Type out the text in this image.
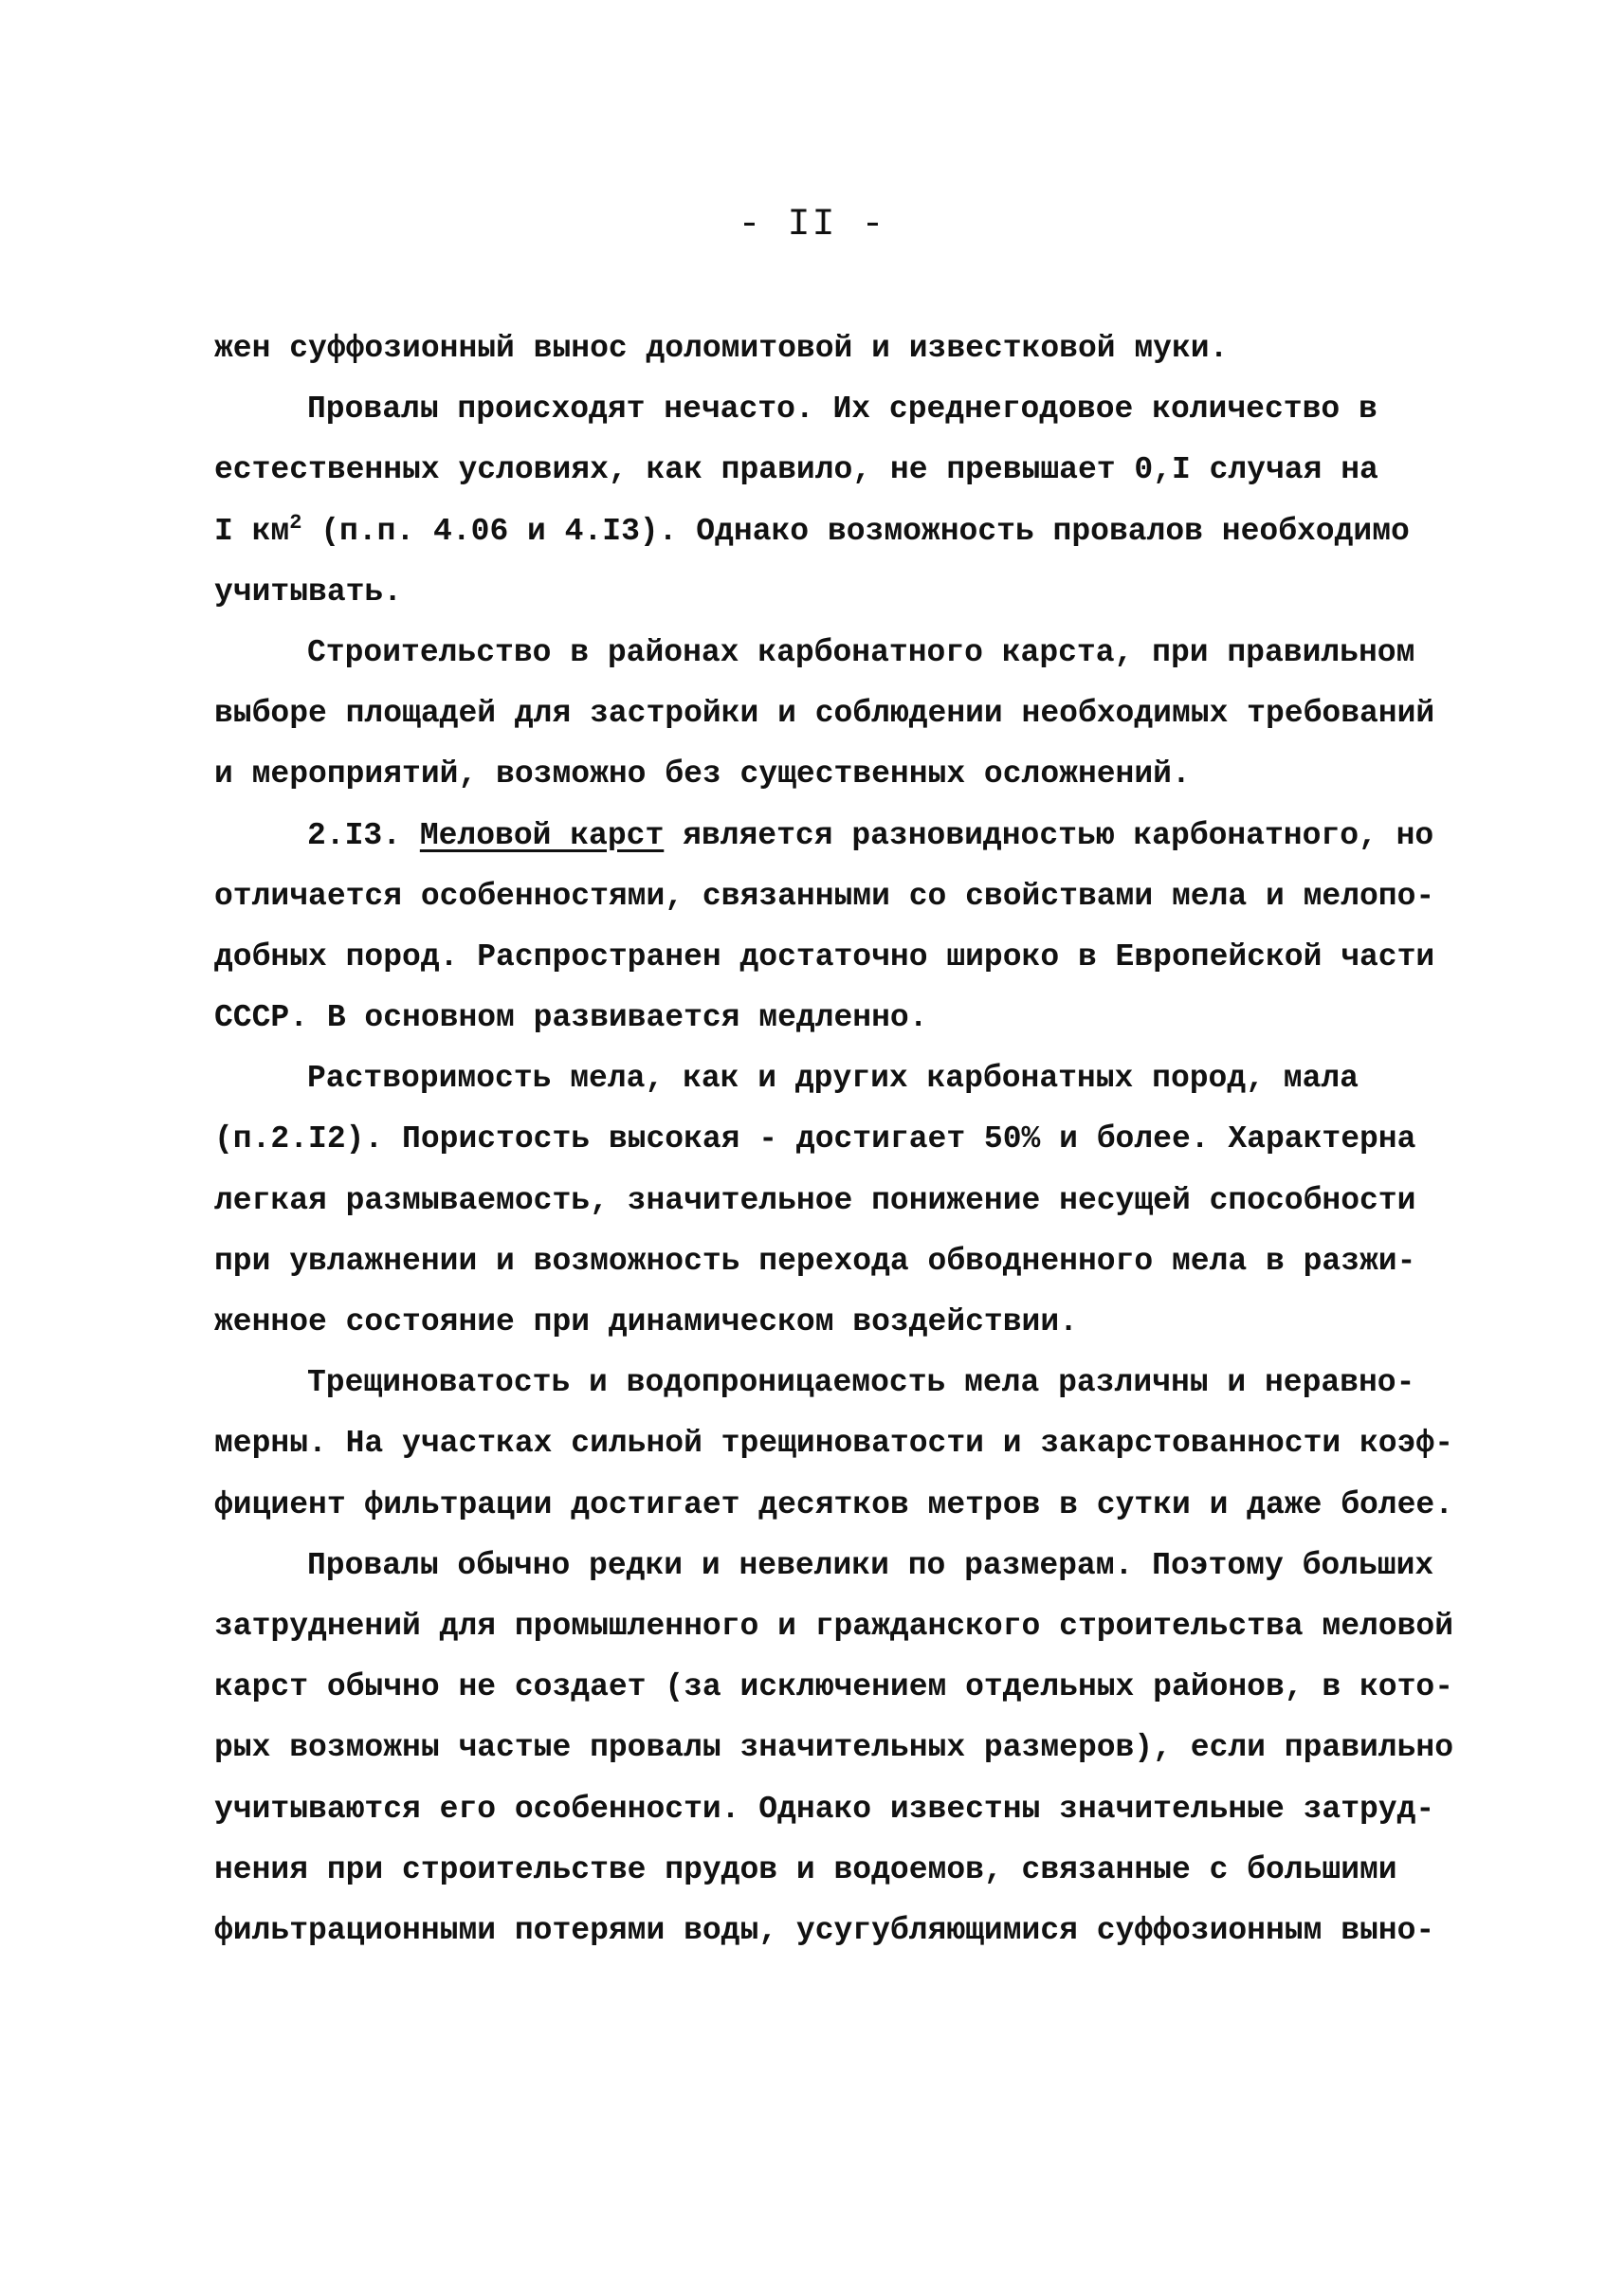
- II -
жен суффозионный вынос доломитовой и известковой муки.
Провалы происходят нечасто. Их среднегодовое количество в
естественных условиях, как правило, не превышает 0,I случая на
I $км^2$ (п.п. 4.06 и 4.I3). Однако возможность провалов необходимо
учитывать.
Строительство в районах карбонатного карста, при правильном
выборе площадей для застройки и соблюдении необходимых требований
и мероприятий, возможно без существенных осложнений.
2.I3. Меловой карст является разновидностью карбонатного, но
отличается особенностями, связанными со свойствами мела и мелопо-
добных пород. Распространен достаточно широко в Европейской части
СССР. В основном развивается медленно.
Растворимость мела, как и других карбонатных пород, мала
(п.2.I2). Пористость высокая - достигает 50% и более. Характерна
легкая размываемость, значительное понижение несущей способности
при увлажнении и возможность перехода обводненного мела в разжи-
женное состояние при динамическом воздействии.
Трещиноватость и водопроницаемость мела различны и неравно-
мерны. На участках сильной трещиноватости и закарстованности коэф-
фициент фильтрации достигает десятков метров в сутки и даже более.
Провалы обычно редки и невелики по размерам. Поэтому больших
затруднений для промышленного и гражданского строительства меловой
карст обычно не создает (за исключением отдельных районов, в кото-
рых возможны частые провалы значительных размеров), если правильно
учитываются его особенности. Однако известны значительные затруд-
нения при строительстве прудов и водоемов, связанные с большими
фильтрационными потерями воды, усугубляющимися суффозионным выно-
